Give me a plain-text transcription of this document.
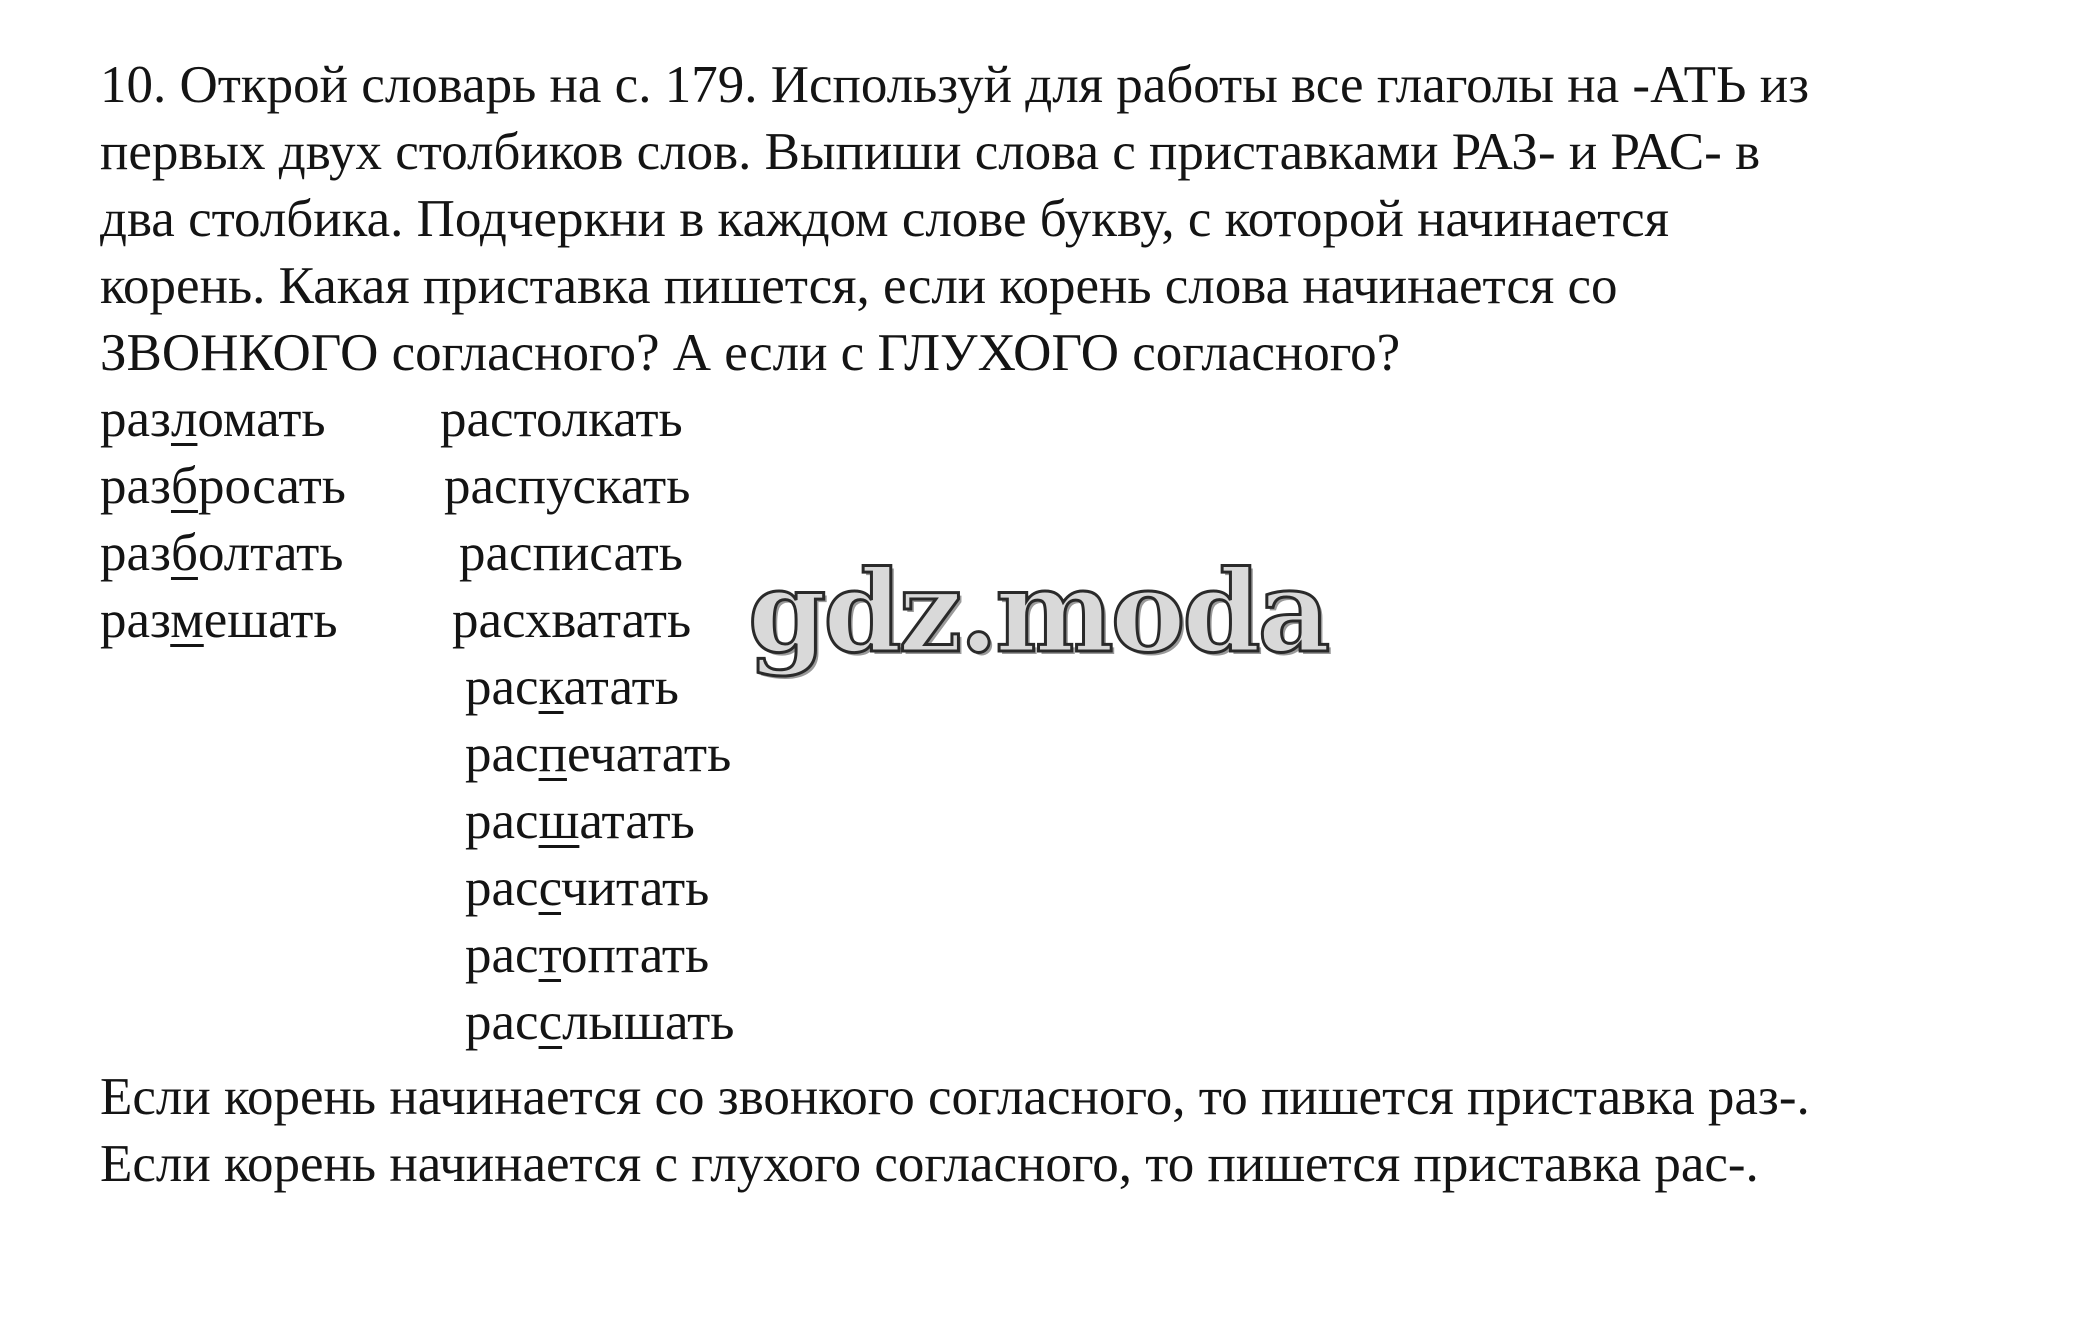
10. Открой словарь на с. 179. Используй для работы все глаголы на -АТЬ из
первых двух столбиков слов. Выпиши слова с приставками РАЗ- и РАС- в
два столбика. Подчеркни в каждом слове букву, с которой начинается
корень. Какая приставка пишется, если корень слова начинается со
ЗВОНКОГО согласного? А если с ГЛУХОГО согласного?

разломать

разбросать

разболтать

размешать

растолкать

распускать

расписать

расхватать

раскатать

распечатать

расшатать

рассчитать

растоптать

расслышать

gdz.moda

Если корень начинается со звонкого согласного, то пишется приставка раз-.
Если корень начинается с глухого согласного, то пишется приставка рас-.
